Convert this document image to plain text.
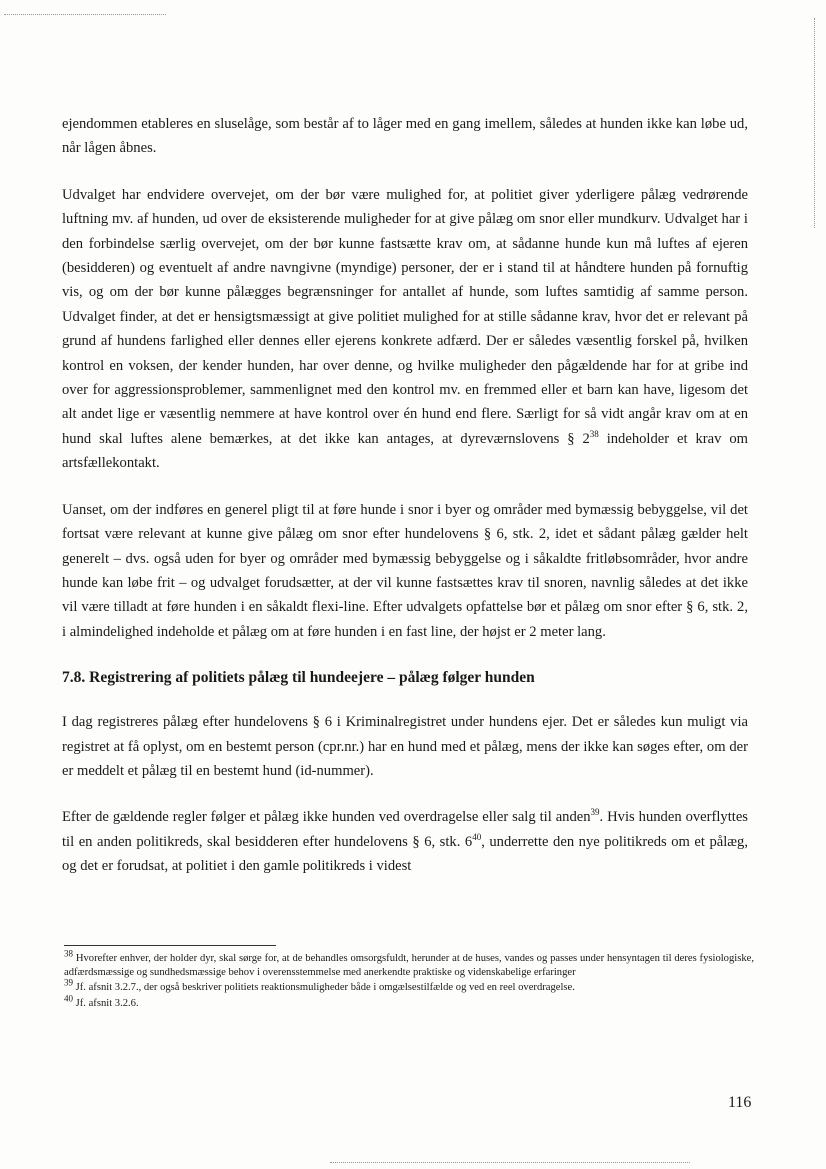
ejendommen etableres en sluselåge, som består af to låger med en gang imellem, således at hunden ikke kan løbe ud, når lågen åbnes.

Udvalget har endvidere overvejet, om der bør være mulighed for, at politiet giver yderligere pålæg vedrørende luftning mv. af hunden, ud over de eksisterende muligheder for at give pålæg om snor eller mundkurv. Udvalget har i den forbindelse særlig overvejet, om der bør kunne fastsætte krav om, at sådanne hunde kun må luftes af ejeren (besidderen) og eventuelt af andre navngivne (myndige) personer, der er i stand til at håndtere hunden på fornuftig vis, og om der bør kunne pålægges begrænsninger for antallet af hunde, som luftes samtidig af samme person. Udvalget finder, at det er hensigtsmæssigt at give politiet mulighed for at stille sådanne krav, hvor det er relevant på grund af hundens farlighed eller dennes eller ejerens konkrete adfærd. Der er således væsentlig forskel på, hvilken kontrol en voksen, der kender hunden, har over denne, og hvilke muligheder den pågældende har for at gribe ind over for aggressionsproblemer, sammenlignet med den kontrol mv. en fremmed eller et barn kan have, ligesom det alt andet lige er væsentlig nemmere at have kontrol over én hund end flere. Særligt for så vidt angår krav om at en hund skal luftes alene bemærkes, at det ikke kan antages, at dyreværnslovens § $2^{38}$ indeholder et krav om artsfællekontakt.

Uanset, om der indføres en generel pligt til at føre hunde i snor i byer og områder med bymæssig bebyggelse, vil det fortsat være relevant at kunne give pålæg om snor efter hundelovens § 6, stk. 2, idet et sådant pålæg gælder helt generelt – dvs. også uden for byer og områder med bymæssig bebyggelse og i såkaldte fritløbsområder, hvor andre hunde kan løbe frit – og udvalget forudsætter, at der vil kunne fastsættes krav til snoren, navnlig således at det ikke vil være tilladt at føre hunden i en såkaldt flexi-line. Efter udvalgets opfattelse bør et pålæg om snor efter § 6, stk. 2, i almindelighed indeholde et pålæg om at føre hunden i en fast line, der højst er 2 meter lang.

7.8. Registrering af politiets pålæg til hundeejere – pålæg følger hunden

I dag registreres pålæg efter hundelovens § 6 i Kriminalregistret under hundens ejer. Det er således kun muligt via registret at få oplyst, om en bestemt person (cpr.nr.) har en hund med et pålæg, mens der ikke kan søges efter, om der er meddelt et pålæg til en bestemt hund (id-nummer).

Efter de gældende regler følger et pålæg ikke hunden ved overdragelse eller salg til anden$^{39}$. Hvis hunden overflyttes til en anden politikreds, skal besidderen efter hundelovens § 6, stk. $6^{40}$, underrette den nye politikreds om et pålæg, og det er forudsat, at politiet i den gamle politikreds i videst

$^{38}$ Hvorefter enhver, der holder dyr, skal sørge for, at de behandles omsorgsfuldt, herunder at de huses, vandes og passes under hensyntagen til deres fysiologiske, adfærdsmæssige og sundhedsmæssige behov i overensstemmelse med anerkendte praktiske og videnskabelige erfaringer
$^{39}$ Jf. afsnit 3.2.7., der også beskriver politiets reaktionsmuligheder både i omgælsestilfælde og ved en reel overdragelse.
$^{40}$ Jf. afsnit 3.2.6.
116
